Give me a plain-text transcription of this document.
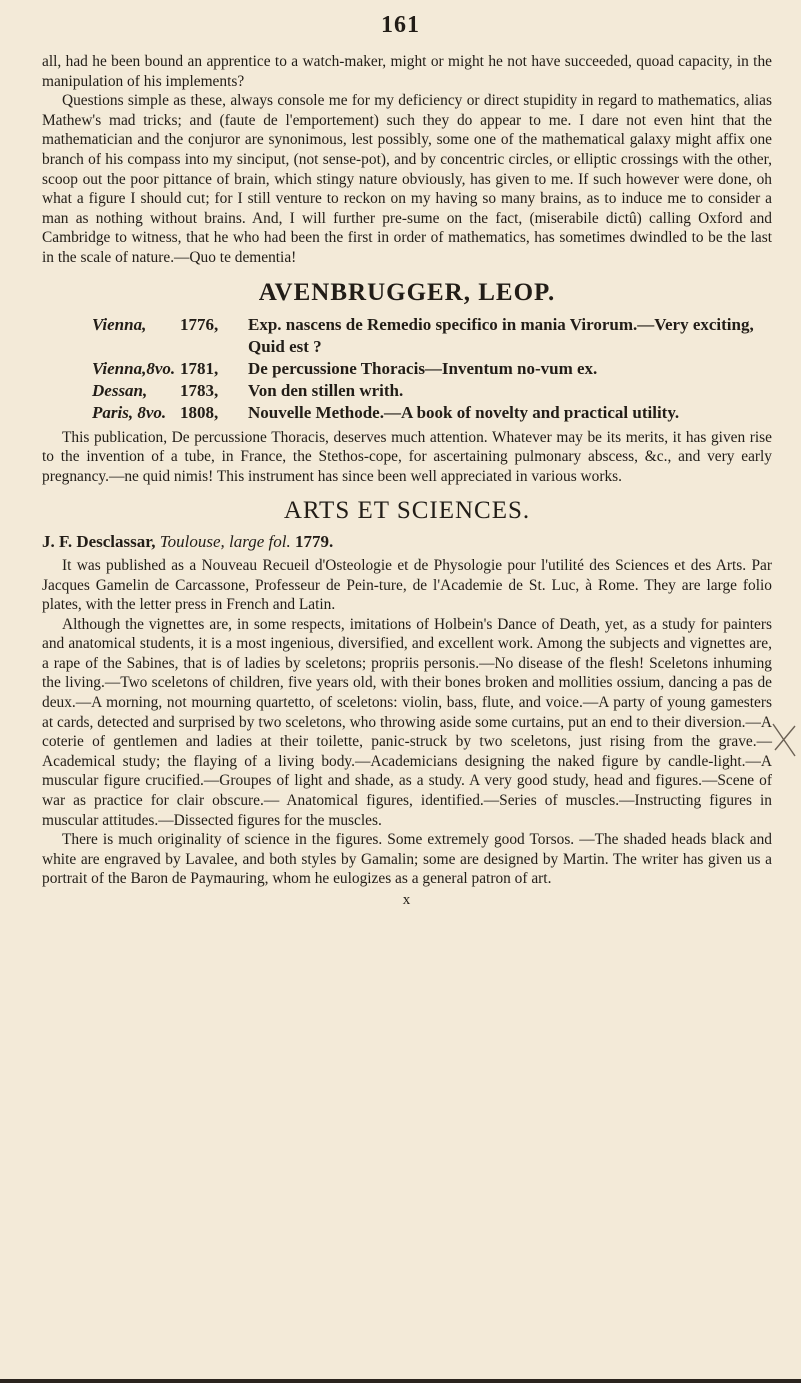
161

all, had he been bound an apprentice to a watch-maker, might or might he not have succeeded, quoad capacity, in the manipulation of his implements?

Questions simple as these, always console me for my deficiency or direct stupidity in regard to mathematics, alias Mathew's mad tricks; and (faute de l'emportement) such they do appear to me. I dare not even hint that the mathematician and the conjuror are synonimous, lest possibly, some one of the mathematical galaxy might affix one branch of his compass into my sinciput, (not sense-pot), and by concentric circles, or elliptic crossings with the other, scoop out the poor pittance of brain, which stingy nature obviously, has given to me. If such however were done, oh what a figure I should cut; for I still venture to reckon on my having so many brains, as to induce me to consider a man as nothing without brains. And, I will further pre-sume on the fact, (miserabile dictû) calling Oxford and Cambridge to witness, that he who had been the first in order of mathematics, has sometimes dwindled to be the last in the scale of nature.—Quo te dementia!

AVENBRUGGER, LEOP.
Vienna,	1776,	Exp. nascens de Remedio specifico in mania Virorum.—Very exciting, Quid est ?
Vienna,8vo. 1781,	De percussione Thoracis—Inventum no-vum ex.
Dessan,	1783,	Von den stillen writh.
Paris, 8vo. 1808,	Nouvelle Methode.—A book of novelty and practical utility.

This publication, De percussione Thoracis, deserves much attention. Whatever may be its merits, it has given rise to the invention of a tube, in France, the Stethos-cope, for ascertaining pulmonary abscess, &c., and very early pregnancy.—ne quid nimis! This instrument has since been well appreciated in various works.

ARTS ET SCIENCES.
J. F. Desclassar, Toulouse, large fol. 1779.

It was published as a Nouveau Recueil d'Osteologie et de Physologie pour l'utilité des Sciences et des Arts. Par Jacques Gamelin de Carcassone, Professeur de Pein-ture, de l'Academie de St. Luc, à Rome. They are large folio plates, with the letter press in French and Latin.

Although the vignettes are, in some respects, imitations of Holbein's Dance of Death, yet, as a study for painters and anatomical students, it is a most ingenious, diversified, and excellent work. Among the subjects and vignettes are, a rape of the Sabines, that is of ladies by sceletons; propriis personis.—No disease of the flesh! Sceletons inhuming the living.—Two sceletons of children, five years old, with their bones broken and mollities ossium, dancing a pas de deux.—A morning, not mourning quartetto, of sceletons: violin, bass, flute, and voice.—A party of young gamesters at cards, detected and surprised by two sceletons, who throwing aside some curtains, put an end to their diversion.—A coterie of gentlemen and ladies at their toilette, panic-struck by two sceletons, just rising from the grave.—Academical study; the flaying of a living body.—Academicians designing the naked figure by candle-light.—A muscular figure crucified.—Groupes of light and shade, as a study. A very good study, head and figures.—Scene of war as practice for clair obscure.— Anatomical figures, identified.—Series of muscles.—Instructing figures in muscular attitudes.—Dissected figures for the muscles.

There is much originality of science in the figures. Some extremely good Torsos. —The shaded heads black and white are engraved by Lavalee, and both styles by Gamalin; some are designed by Martin. The writer has given us a portrait of the Baron de Paymauring, whom he eulogizes as a general patron of art.

x
